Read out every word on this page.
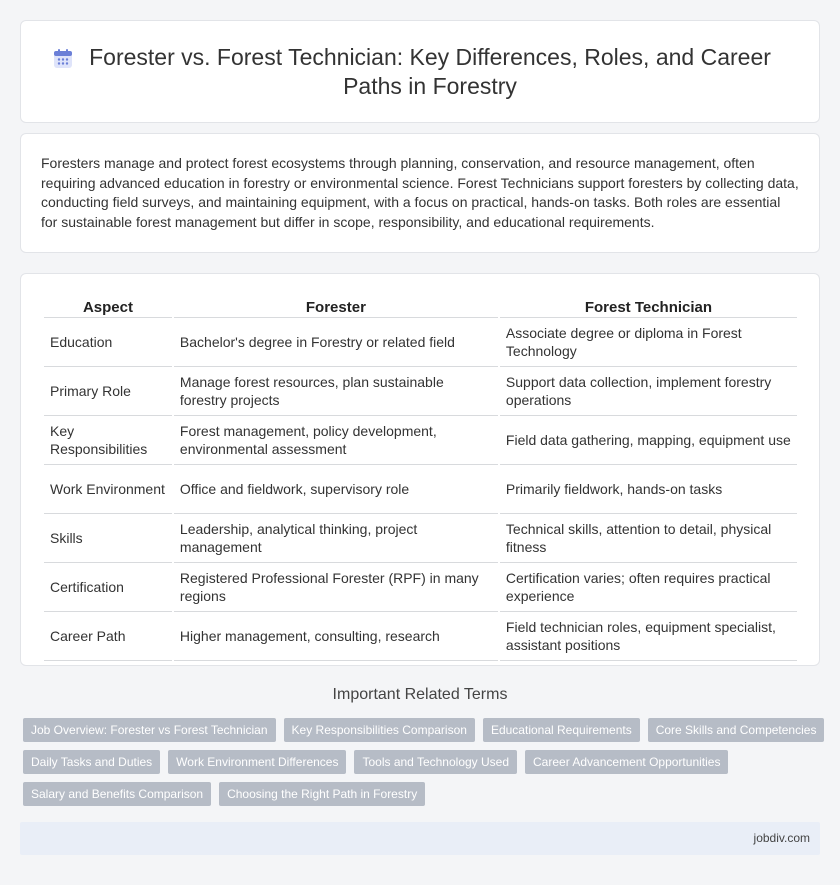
Forester vs. Forest Technician: Key Differences, Roles, and Career Paths in Forestry

Foresters manage and protect forest ecosystems through planning, conservation, and resource management, often requiring advanced education in forestry or environmental science. Forest Technicians support foresters by collecting data, conducting field surveys, and maintaining equipment, with a focus on practical, hands-on tasks. Both roles are essential for sustainable forest management but differ in scope, responsibility, and educational requirements.

Aspect	Forester	Forest Technician
Education	Bachelor's degree in Forestry or related field	Associate degree or diploma in Forest Technology
Primary Role	Manage forest resources, plan sustainable forestry projects	Support data collection, implement forestry operations
Key Responsibilities	Forest management, policy development, environmental assessment	Field data gathering, mapping, equipment use
Work Environment	Office and fieldwork, supervisory role	Primarily fieldwork, hands-on tasks
Skills	Leadership, analytical thinking, project management	Technical skills, attention to detail, physical fitness
Certification	Registered Professional Forester (RPF) in many regions	Certification varies; often requires practical experience
Career Path	Higher management, consulting, research	Field technician roles, equipment specialist, assistant positions
Important Related Terms
Job Overview: Forester vs Forest Technician	Key Responsibilities Comparison	Educational Requirements	Core Skills and Competencies
Daily Tasks and Duties	Work Environment Differences	Tools and Technology Used	Career Advancement Opportunities
Salary and Benefits Comparison	Choosing the Right Path in Forestry
jobdiv.com
